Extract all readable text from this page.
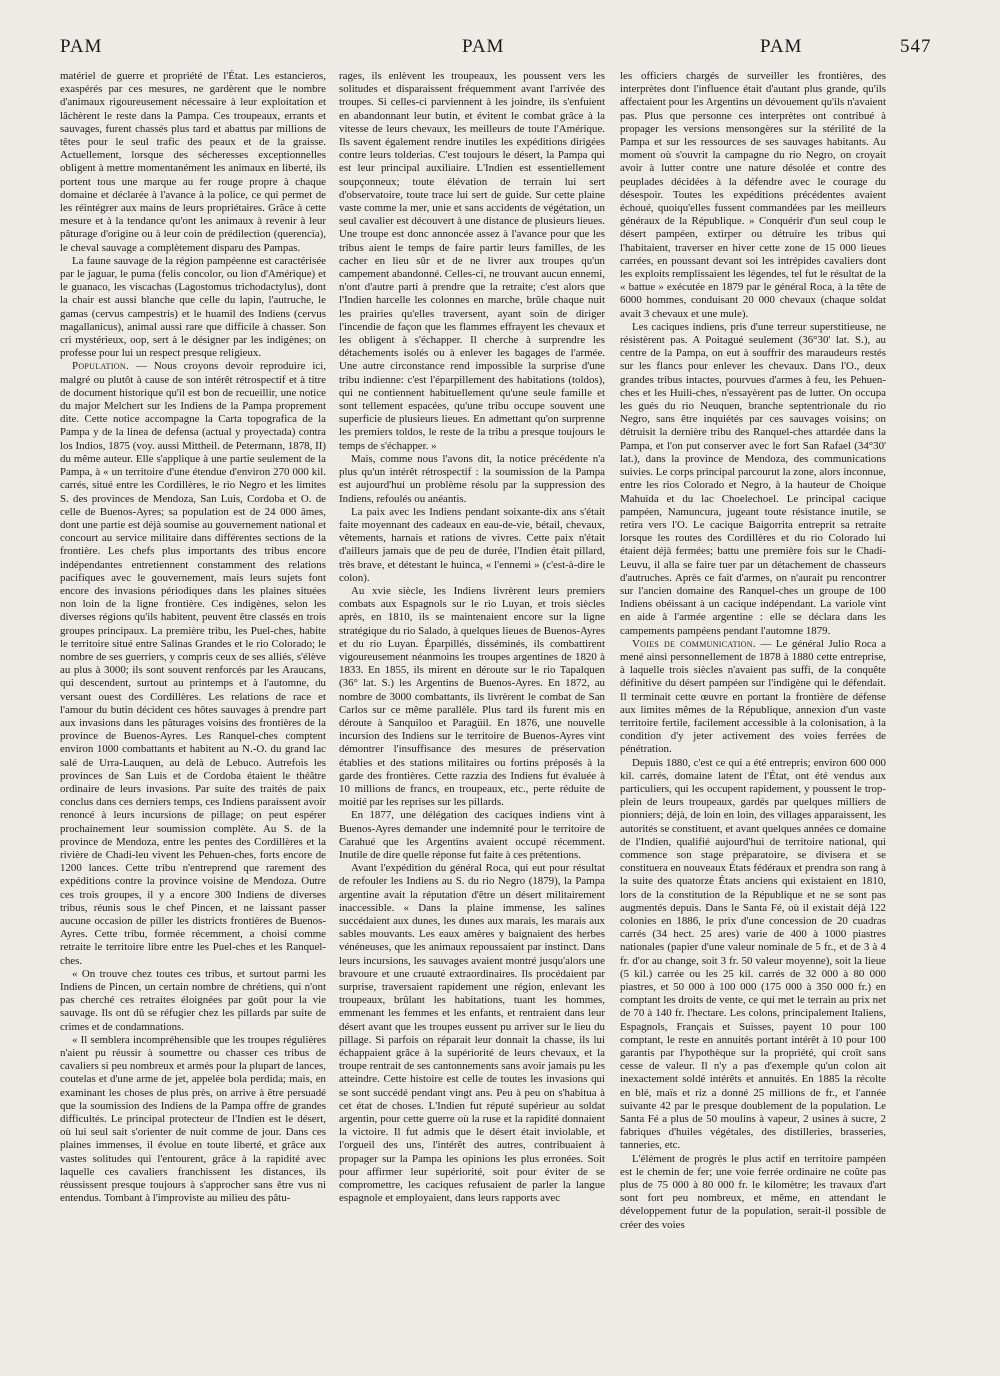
PAM	PAM	PAM	547

matériel de guerre et propriété de l'État. Les estancieros, exaspérés par ces mesures, ne gardèrent que le nombre d'animaux rigoureusement nécessaire à leur exploitation et lâchèrent le reste dans la Pampa. Ces troupeaux, errants et sauvages, furent chassés plus tard et abattus par millions de têtes pour le seul trafic des peaux et de la graisse. Actuellement, lorsque des sécheresses exceptionnelles obligent à mettre momentanément les animaux en liberté, ils portent tous une marque au fer rouge propre à chaque domaine et déclarée à l'avance à la police, ce qui permet de les réintégrer aux mains de leurs propriétaires. Grâce à cette mesure et à la tendance qu'ont les animaux à revenir à leur pâturage d'origine ou à leur coin de prédilection (querencia), le cheval sauvage a complètement disparu des Pampas.

La faune sauvage de la région pampéenne est caractérisée par le jaguar, le puma (felis concolor, ou lion d'Amérique) et le guanaco, les viscachas (Lagostomus trichodactylus), dont la chair est aussi blanche que celle du lapin, l'autruche, le gamas (cervus campestris) et le huamil des Indiens (cervus magallanicus), animal aussi rare que difficile à chasser. Son cri mystérieux, oop, sert à le désigner par les indigènes; on professe pour lui un respect presque religieux.

Population. — Nous croyons devoir reproduire ici, malgré ou plutôt à cause de son intérêt rétrospectif et à titre de document historique qu'il est bon de recueillir, une notice du major Melchert sur les Indiens de la Pampa proprement dite. Cette notice accompagne la Carta topografica de la Pampa y de la linea de defensa (actual y proyectada) contra los Indios, 1875 (voy. aussi Mittheil. de Petermann, 1878, II) du même auteur. Elle s'applique à une partie seulement de la Pampa, à « un territoire d'une étendue d'environ 270 000 kil. carrés, situé entre les Cordillères, le rio Negro et les limites S. des provinces de Mendoza, San Luis, Cordoba et O. de celle de Buenos-Ayres; sa population est de 24 000 âmes, dont une partie est déjà soumise au gouvernement national et concourt au service militaire dans différentes sections de la frontière. Les chefs plus importants des tribus encore indépendantes entretiennent constamment des relations pacifiques avec le gouvernement, mais leurs sujets font encore des invasions périodiques dans les plaines situées non loin de la ligne frontière. Ces indigènes, selon les diverses régions qu'ils habitent, peuvent être classés en trois groupes principaux. La première tribu, les Puel-ches, habite le territoire situé entre Salinas Grandes et le rio Colorado; le nombre de ses guerriers, y compris ceux de ses alliés, s'élève au plus à 3000; ils sont souvent renforcés par les Araucans, qui descendent, surtout au printemps et à l'automne, du versant ouest des Cordillères. Les relations de race et l'amour du butin décident ces hôtes sauvages à prendre part aux invasions dans les pâturages voisins des frontières de la province de Buenos-Ayres. Les Ranquel-ches comptent environ 1000 combattants et habitent au N.-O. du grand lac salé de Urra-Lauquen, au delà de Lebuco. Autrefois les provinces de San Luis et de Cordoba étaient le théâtre ordinaire de leurs invasions. Par suite des traités de paix conclus dans ces derniers temps, ces Indiens paraissent avoir renoncé à leurs incursions de pillage; on peut espérer prochainement leur soumission complète. Au S. de la province de Mendoza, entre les pentes des Cordillères et la rivière de Chadi-leu vivent les Pehuen-ches, forts encore de 1200 lances. Cette tribu n'entreprend que rarement des expéditions contre la province voisine de Mendoza. Outre ces trois groupes, il y a encore 300 Indiens de diverses tribus, réunis sous le chef Pincen, et ne laissant passer aucune occasion de piller les districts frontières de Buenos-Ayres. Cette tribu, formée récemment, a choisi comme retraite le territoire libre entre les Puel-ches et les Ranquel-ches.

« On trouve chez toutes ces tribus, et surtout parmi les Indiens de Pincen, un certain nombre de chrétiens, qui n'ont pas cherché ces retraites éloignées par goût pour la vie sauvage. Ils ont dû se réfugier chez les pillards par suite de crimes et de condamnations.

« Il semblera incompréhensible que les troupes régulières n'aient pu réussir à soumettre ou chasser ces tribus de cavaliers si peu nombreux et armés pour la plupart de lances, coutelas et d'une arme de jet, appelée bola perdida; mais, en examinant les choses de plus près, on arrive à être persuadé que la soumission des Indiens de la Pampa offre de grandes difficultés. Le principal protecteur de l'Indien est le désert, où lui seul sait s'orienter de nuit comme de jour. Dans ces plaines immenses, il évolue en toute liberté, et grâce aux vastes solitudes qui l'entourent, grâce à la rapidité avec laquelle ces cavaliers franchissent les distances, ils réussissent presque toujours à s'approcher sans être vus ni entendus. Tombant à l'improviste au milieu des pâtu-

rages, ils enlèvent les troupeaux, les poussent vers les solitudes et disparaissent fréquemment avant l'arrivée des troupes. Si celles-ci parviennent à les joindre, ils s'enfuient en abandonnant leur butin, et évitent le combat grâce à la vitesse de leurs chevaux, les meilleurs de toute l'Amérique. Ils savent également rendre inutiles les expéditions dirigées contre leurs tolderias. C'est toujours le désert, la Pampa qui est leur principal auxiliaire. L'Indien est essentiellement soupçonneux; toute élévation de terrain lui sert d'observatoire, toute trace lui sert de guide. Sur cette plaine vaste comme la mer, unie et sans accidents de végétation, un seul cavalier est découvert à une distance de plusieurs lieues. Une troupe est donc annoncée assez à l'avance pour que les tribus aient le temps de faire partir leurs familles, de les cacher en lieu sûr et de ne livrer aux troupes qu'un campement abandonné. Celles-ci, ne trouvant aucun ennemi, n'ont d'autre parti à prendre que la retraite; c'est alors que l'Indien harcelle les colonnes en marche, brûle chaque nuit les prairies qu'elles traversent, ayant soin de diriger l'incendie de façon que les flammes effrayent les chevaux et les obligent à s'échapper. Il cherche à surprendre les détachements isolés ou à enlever les bagages de l'armée. Une autre circonstance rend impossible la surprise d'une tribu indienne: c'est l'éparpillement des habitations (toldos), qui ne contiennent habituellement qu'une seule famille et sont tellement espacées, qu'une tribu occupe souvent une superficie de plusieurs lieues. En admettant qu'on surprenne les premiers toldos, le reste de la tribu a presque toujours le temps de s'échapper. »

Mais, comme nous l'avons dit, la notice précédente n'a plus qu'un intérêt rétrospectif : la soumission de la Pampa est aujourd'hui un problème résolu par la suppression des Indiens, refoulés ou anéantis.

La paix avec les Indiens pendant soixante-dix ans s'était faite moyennant des cadeaux en eau-de-vie, bétail, chevaux, vêtements, harnais et rations de vivres. Cette paix n'était d'ailleurs jamais que de peu de durée, l'Indien était pillard, très brave, et détestant le huinca, « l'ennemi » (c'est-à-dire le colon).

Au xvie siècle, les Indiens livrèrent leurs premiers combats aux Espagnols sur le rio Luyan, et trois siècles après, en 1810, ils se maintenaient encore sur la ligne stratégique du rio Salado, à quelques lieues de Buenos-Ayres et du rio Luyan. Éparpillés, disséminés, ils combattirent vigoureusement néanmoins les troupes argentines de 1820 à 1833. En 1855, ils mirent en déroute sur le rio Tapalquen (36° lat. S.) les Argentins de Buenos-Ayres. En 1872, au nombre de 3000 combattants, ils livrèrent le combat de San Carlos sur ce même parallèle. Plus tard ils furent mis en déroute à Sanquiloo et Paragüil. En 1876, une nouvelle incursion des Indiens sur le territoire de Buenos-Ayres vint démontrer l'insuffisance des mesures de préservation établies et des stations militaires ou fortins préposés à la garde des frontières. Cette razzia des Indiens fut évaluée à 10 millions de francs, en troupeaux, etc., perte réduite de moitié par les reprises sur les pillards.

En 1877, une délégation des caciques indiens vint à Buenos-Ayres demander une indemnité pour le territoire de Carahué que les Argentins avaient occupé récemment. Inutile de dire quelle réponse fut faite à ces prétentions.

Avant l'expédition du général Roca, qui eut pour résultat de refouler les Indiens au S. du rio Negro (1879), la Pampa argentine avait la réputation d'être un désert militairement inaccessible. « Dans la plaine immense, les salines succédaient aux dunes, les dunes aux marais, les marais aux sables mouvants. Les eaux amères y baignaient des herbes vénéneuses, que les animaux repoussaient par instinct. Dans leurs incursions, les sauvages avaient montré jusqu'alors une bravoure et une cruauté extraordinaires. Ils procédaient par surprise, traversaient rapidement une région, enlevant les troupeaux, brûlant les habitations, tuant les hommes, emmenant les femmes et les enfants, et rentraient dans leur désert avant que les troupes eussent pu arriver sur le lieu du pillage. Si parfois on réparait leur donnait la chasse, ils lui échappaient grâce à la supériorité de leurs chevaux, et la troupe rentrait de ses cantonnements sans avoir jamais pu les atteindre. Cette histoire est celle de toutes les invasions qui se sont succédé pendant vingt ans. Peu à peu on s'habitua à cet état de choses. L'Indien fut réputé supérieur au soldat argentin, pour cette guerre où la ruse et la rapidité donnaient la victoire. Il fut admis que le désert était inviolable, et l'orgueil des uns, l'intérêt des autres, contribuaient à propager sur la Pampa les opinions les plus erronées. Soit pour affirmer leur supériorité, soit pour éviter de se compromettre, les caciques refusaient de parler la langue espagnole et employaient, dans leurs rapports avec

les officiers chargés de surveiller les frontières, des interprètes dont l'influence était d'autant plus grande, qu'ils affectaient pour les Argentins un dévouement qu'ils n'avaient pas. Plus que personne ces interprètes ont contribué à propager les versions mensongères sur la stérilité de la Pampa et sur les ressources de ses sauvages habitants. Au moment où s'ouvrit la campagne du rio Negro, on croyait avoir à lutter contre une nature désolée et contre des peuplades décidées à la défendre avec le courage du désespoir. Toutes les expéditions précédentes avaient échoué, quoiqu'elles fussent commandées par les meilleurs généraux de la République. » Conquérir d'un seul coup le désert pampéen, extirper ou détruire les tribus qui l'habitaient, traverser en hiver cette zone de 15 000 lieues carrées, en poussant devant soi les intrépides cavaliers dont les exploits remplissaient les légendes, tel fut le résultat de la « battue » exécutée en 1879 par le général Roca, à la tête de 6000 hommes, conduisant 20 000 chevaux (chaque soldat avait 3 chevaux et une mule).

Les caciques indiens, pris d'une terreur superstitieuse, ne résistèrent pas. A Poitagué seulement (36°30' lat. S.), au centre de la Pampa, on eut à souffrir des maraudeurs restés sur les flancs pour enlever les chevaux. Dans l'O., deux grandes tribus intactes, pourvues d'armes à feu, les Pehuen-ches et les Huili-ches, n'essayèrent pas de lutter. On occupa les gués du rio Neuquen, branche septentrionale du rio Negro, sans être inquiétés par ces sauvages voisins; on détruisit la dernière tribu des Ranquel-ches attardée dans la Pampa, et l'on put conserver avec le fort San Rafael (34°30' lat.), dans la province de Mendoza, des communications suivies. Le corps principal parcourut la zone, alors inconnue, entre les rios Colorado et Negro, à la hauteur de Choique Mahuida et du lac Choelechoel. Le principal cacique pampéen, Namuncura, jugeant toute résistance inutile, se retira vers l'O. Le cacique Baigorrita entreprit sa retraite lorsque les routes des Cordillères et du rio Colorado lui étaient déjà fermées; battu une première fois sur le Chadi-Leuvu, il alla se faire tuer par un détachement de chasseurs d'autruches. Après ce fait d'armes, on n'aurait pu rencontrer sur l'ancien domaine des Ranquel-ches un groupe de 100 Indiens obéissant à un cacique indépendant. La variole vint en aide à l'armée argentine : elle se déclara dans les campements pampéens pendant l'automne 1879.

Voies de communication. — Le général Julio Roca a mené ainsi personnellement de 1878 à 1880 cette entreprise, à laquelle trois siècles n'avaient pas suffi, de la conquête définitive du désert pampéen sur l'indigène qui le défendait. Il terminait cette œuvre en portant la frontière de défense aux limites mêmes de la République, annexion d'un vaste territoire fertile, facilement accessible à la colonisation, à la condition d'y jeter activement des voies ferrées de pénétration.

Depuis 1880, c'est ce qui a été entrepris; environ 600 000 kil. carrés, domaine latent de l'État, ont été vendus aux particuliers, qui les occupent rapidement, y poussent le trop-plein de leurs troupeaux, gardés par quelques milliers de pionniers; déjà, de loin en loin, des villages apparaissent, les autorités se constituent, et avant quelques années ce domaine de l'Indien, qualifié aujourd'hui de territoire national, qui commence son stage préparatoire, se divisera et se constituera en nouveaux États fédéraux et prendra son rang à la suite des quatorze États anciens qui existaient en 1810, lors de la constitution de la République et ne se sont pas augmentés depuis. Dans le Santa Fé, où il existait déjà 122 colonies en 1886, le prix d'une concession de 20 cuadras carrés (34 hect. 25 ares) varie de 400 à 1000 piastres nationales (papier d'une valeur nominale de 5 fr., et de 3 à 4 fr. d'or au change, soit 3 fr. 50 valeur moyenne), soit la lieue (5 kil.) carrée ou les 25 kil. carrés de 32 000 à 80 000 piastres, et 50 000 à 100 000 (175 000 à 350 000 fr.) en comptant les droits de vente, ce qui met le terrain au prix net de 70 à 140 fr. l'hectare. Les colons, principalement Italiens, Espagnols, Français et Suisses, payent 10 pour 100 comptant, le reste en annuités portant intérêt à 10 pour 100 garantis par l'hypothèque sur la propriété, qui croît sans cesse de valeur. Il n'y a pas d'exemple qu'un colon ait inexactement soldé intérêts et annuités. En 1885 la récolte en blé, maïs et riz a donné 25 millions de fr., et l'année suivante 42 par le presque doublement de la population. Le Santa Fé a plus de 50 moulins à vapeur, 2 usines à sucre, 2 fabriques d'huiles végétales, des distilleries, brasseries, tanneries, etc.

L'élément de progrès le plus actif en territoire pampéen est le chemin de fer; une voie ferrée ordinaire ne coûte pas plus de 75 000 à 80 000 fr. le kilomètre; les travaux d'art sont fort peu nombreux, et même, en attendant le développement futur de la population, serait-il possible de créer des voies
